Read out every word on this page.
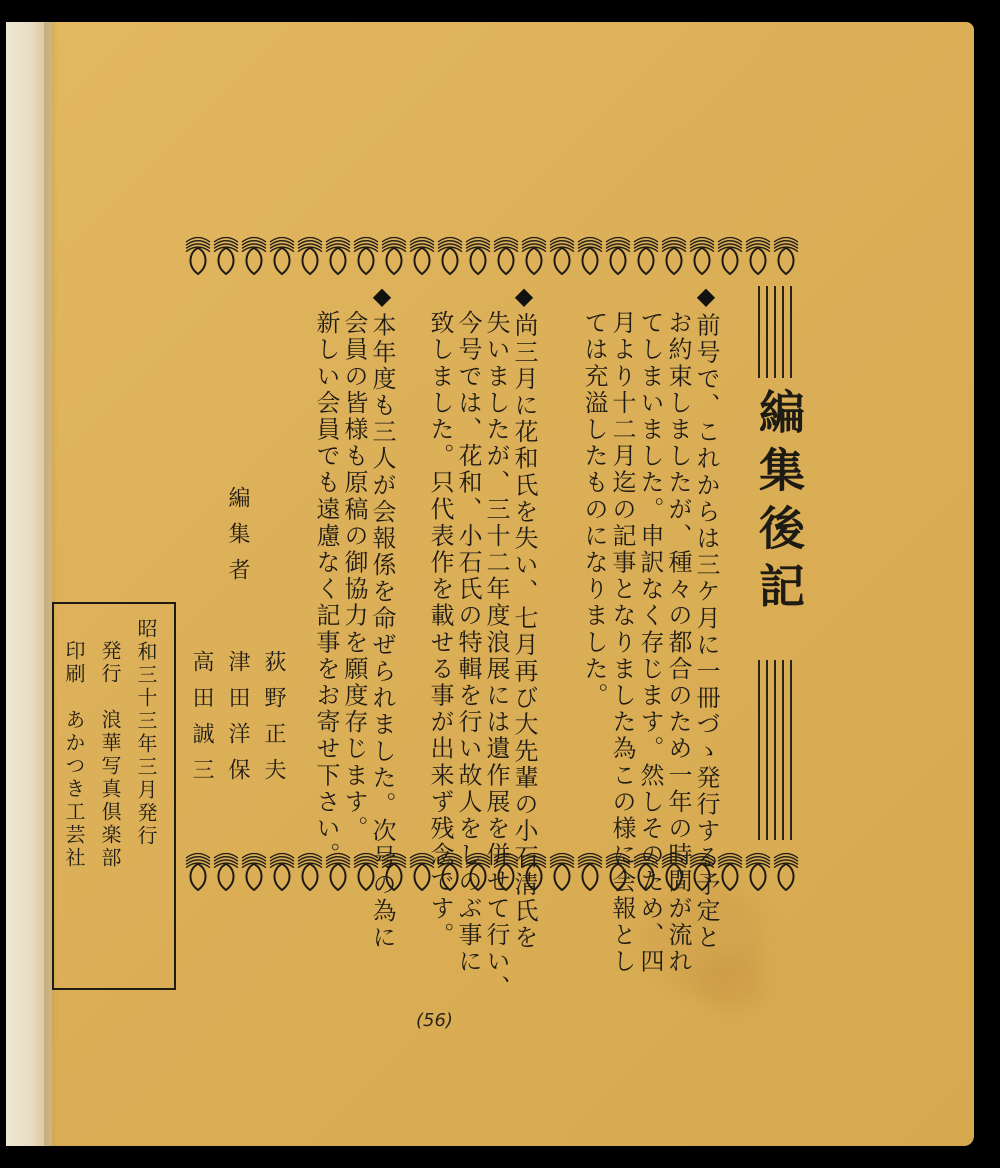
編集後記
◆前号で、これからは三ケ月に一冊づゝ発行する予定と
お約束しましたが、種々の都合のため一年の時間が流れ
てしまいました。申訳なく存じます。然しそのため、四
月より十二月迄の記事となりました為この様に会報とし
ては充溢したものになりました。
◆尚三月に花和氏を失い、七月再び大先輩の小石清氏を
失いましたが、三十二年度浪展には遺作展を併せて行い、
今号では、花和、小石氏の特輯を行い故人をしのぶ事に
致しました。只代表作を載せる事が出来ず残念です。
◆本年度も三人が会報係を命ぜられました。次号の為に
会員の皆様も原稿の御協力を願度存じます。
新しい会員でも遠慮なく記事をお寄せ下さい。
編集者
荻野正夫
津田洋保
高田誠三
昭和三十三年三月発行
発行　浪華写真倶楽部
印刷　あかつき工芸社
(56)
